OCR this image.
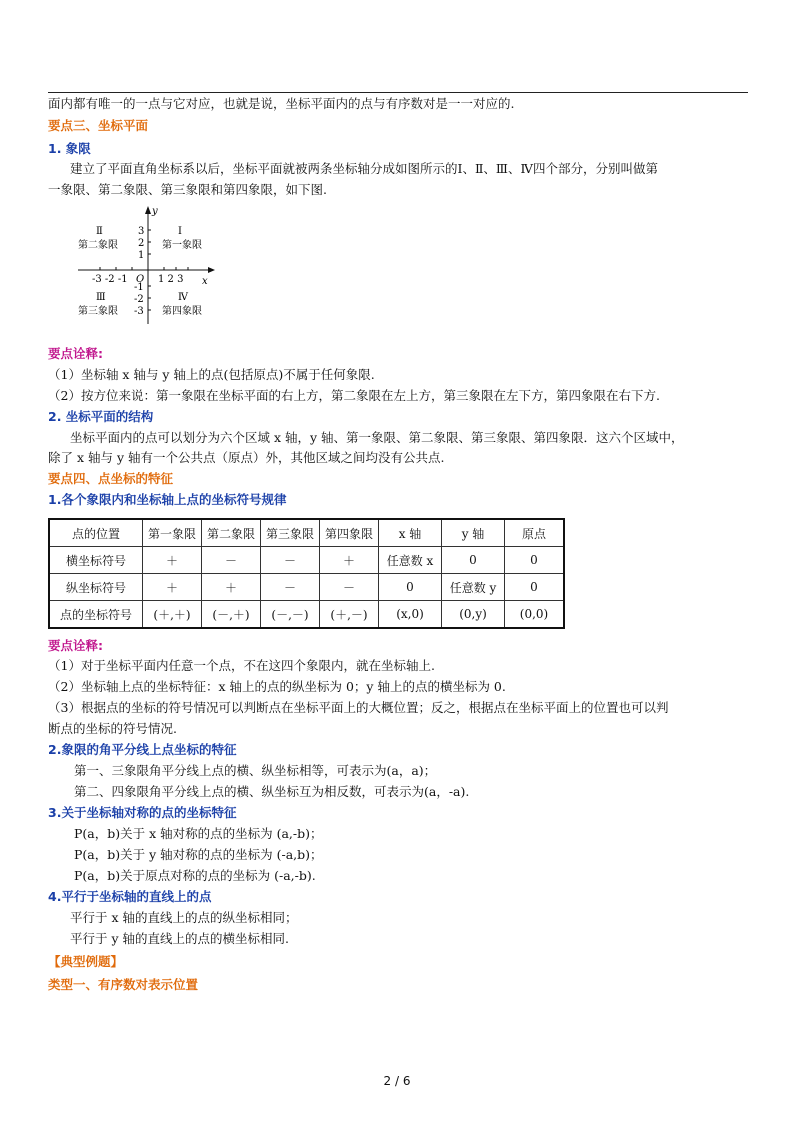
面内都有唯一的一点与它对应，也就是说，坐标平面内的点与有序数对是一一对应的.
要点三、坐标平面
1. 象限
建立了平面直角坐标系以后，坐标平面就被两条坐标轴分成如图所示的Ⅰ、Ⅱ、Ⅲ、Ⅳ四个部分，分别叫做第
一象限、第二象限、第三象限和第四象限，如下图.
y
x
O
-3 -2 -1	1 2 3
3
2
1
-1
-2
-3
Ⅱ
第二象限
Ⅰ
第一象限
Ⅲ
第三象限
Ⅳ
第四象限
要点诠释:
（1）坐标轴 x 轴与 y 轴上的点(包括原点)不属于任何象限.
（2）按方位来说：第一象限在坐标平面的右上方，第二象限在左上方，第三象限在左下方，第四象限在右下方.
2. 坐标平面的结构
坐标平面内的点可以划分为六个区域 x 轴，y 轴、第一象限、第二象限、第三象限、第四象限．这六个区域中，
除了 x 轴与 y 轴有一个公共点（原点）外，其他区域之间均没有公共点.
要点四、点坐标的特征
1.各个象限内和坐标轴上点的坐标符号规律
点的位置	第一象限	第二象限	第三象限	第四象限	x 轴	y 轴	原点
横坐标符号	＋	－	－	＋	任意数 x	0	0
纵坐标符号	＋	＋	－	－	0	任意数 y	0
点的坐标符号	(＋,＋)	(－,＋)	(－,－)	(＋,－)	(x,0)	(0,y)	(0,0)
要点诠释:
（1）对于坐标平面内任意一个点，不在这四个象限内，就在坐标轴上.
（2）坐标轴上点的坐标特征：x 轴上的点的纵坐标为 0；y 轴上的点的横坐标为 0.
（3）根据点的坐标的符号情况可以判断点在坐标平面上的大概位置；反之，根据点在坐标平面上的位置也可以判
断点的坐标的符号情况.
2.象限的角平分线上点坐标的特征
第一、三象限角平分线上点的横、纵坐标相等，可表示为(a，a)；
第二、四象限角平分线上点的横、纵坐标互为相反数，可表示为(a，-a).
3.关于坐标轴对称的点的坐标特征
P(a，b)关于 x 轴对称的点的坐标为 (a,-b)；
P(a，b)关于 y 轴对称的点的坐标为 (-a,b)；
P(a，b)关于原点对称的点的坐标为 (-a,-b).
4.平行于坐标轴的直线上的点
平行于 x 轴的直线上的点的纵坐标相同；
平行于 y 轴的直线上的点的横坐标相同.
【典型例题】
类型一、有序数对表示位置
2 / 6
